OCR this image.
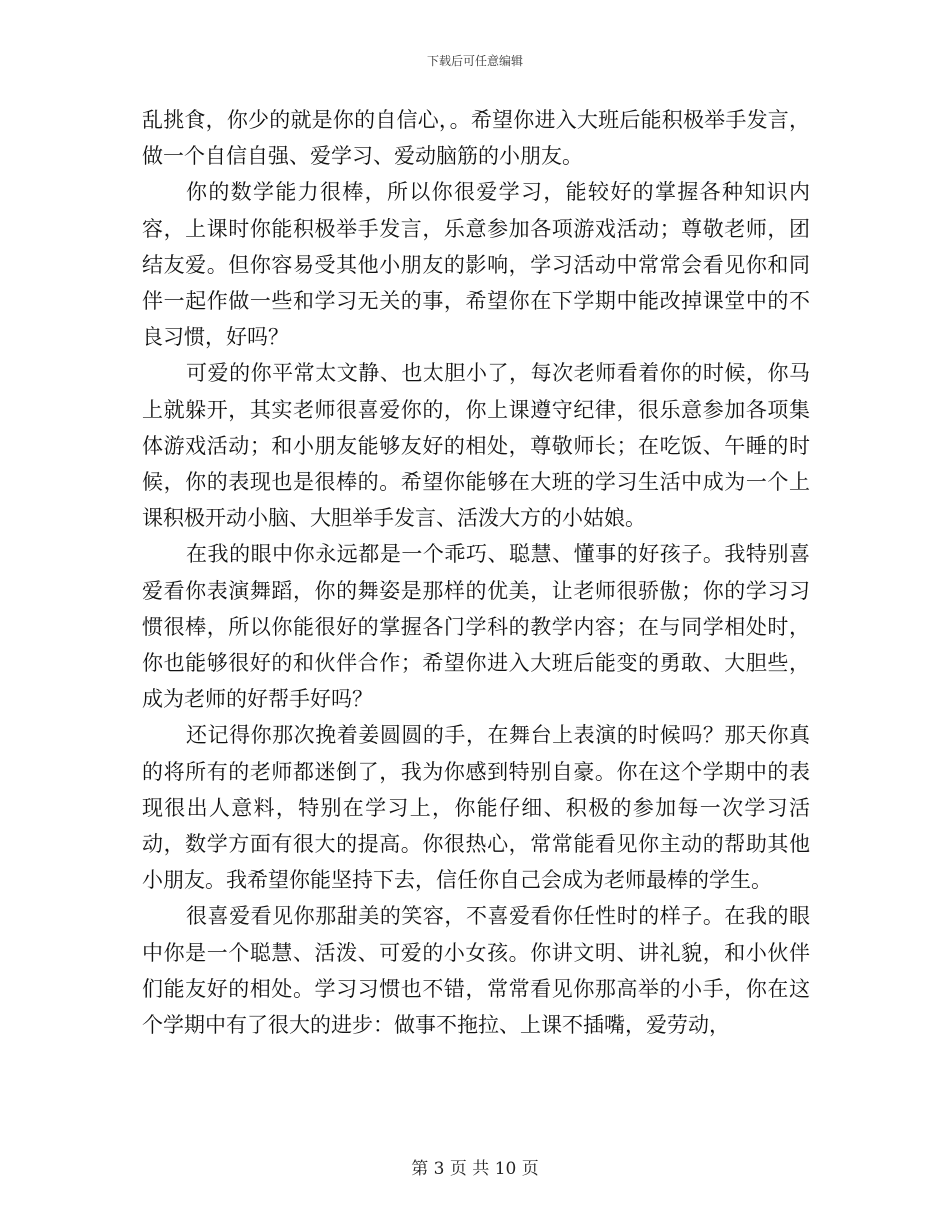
下载后可任意编辑

乱挑食，你少的就是你的自信心，。希望你进入大班后能积极举手发言，做一个自信自强、爱学习、爱动脑筋的小朋友。

你的数学能力很棒，所以你很爱学习，能较好的掌握各种知识内容，上课时你能积极举手发言，乐意参加各项游戏活动；尊敬老师，团结友爱。但你容易受其他小朋友的影响，学习活动中常常会看见你和同伴一起作做一些和学习无关的事，希望你在下学期中能改掉课堂中的不良习惯，好吗？

可爱的你平常太文静、也太胆小了，每次老师看着你的时候，你马上就躲开，其实老师很喜爱你的，你上课遵守纪律，很乐意参加各项集体游戏活动；和小朋友能够友好的相处，尊敬师长；在吃饭、午睡的时候，你的表现也是很棒的。希望你能够在大班的学习生活中成为一个上课积极开动小脑、大胆举手发言、活泼大方的小姑娘。

在我的眼中你永远都是一个乖巧、聪慧、懂事的好孩子。我特别喜爱看你表演舞蹈，你的舞姿是那样的优美，让老师很骄傲；你的学习习惯很棒，所以你能很好的掌握各门学科的教学内容；在与同学相处时，你也能够很好的和伙伴合作；希望你进入大班后能变的勇敢、大胆些，成为老师的好帮手好吗？

还记得你那次挽着姜圆圆的手，在舞台上表演的时候吗？那天你真的将所有的老师都迷倒了，我为你感到特别自豪。你在这个学期中的表现很出人意料，特别在学习上，你能仔细、积极的参加每一次学习活动，数学方面有很大的提高。你很热心，常常能看见你主动的帮助其他小朋友。我希望你能坚持下去，信任你自己会成为老师最棒的学生。

很喜爱看见你那甜美的笑容，不喜爱看你任性时的样子。在我的眼中你是一个聪慧、活泼、可爱的小女孩。你讲文明、讲礼貌，和小伙伴们能友好的相处。学习习惯也不错，常常看见你那高举的小手，你在这个学期中有了很大的进步：做事不拖拉、上课不插嘴，爱劳动，

第 3 页 共 10 页
